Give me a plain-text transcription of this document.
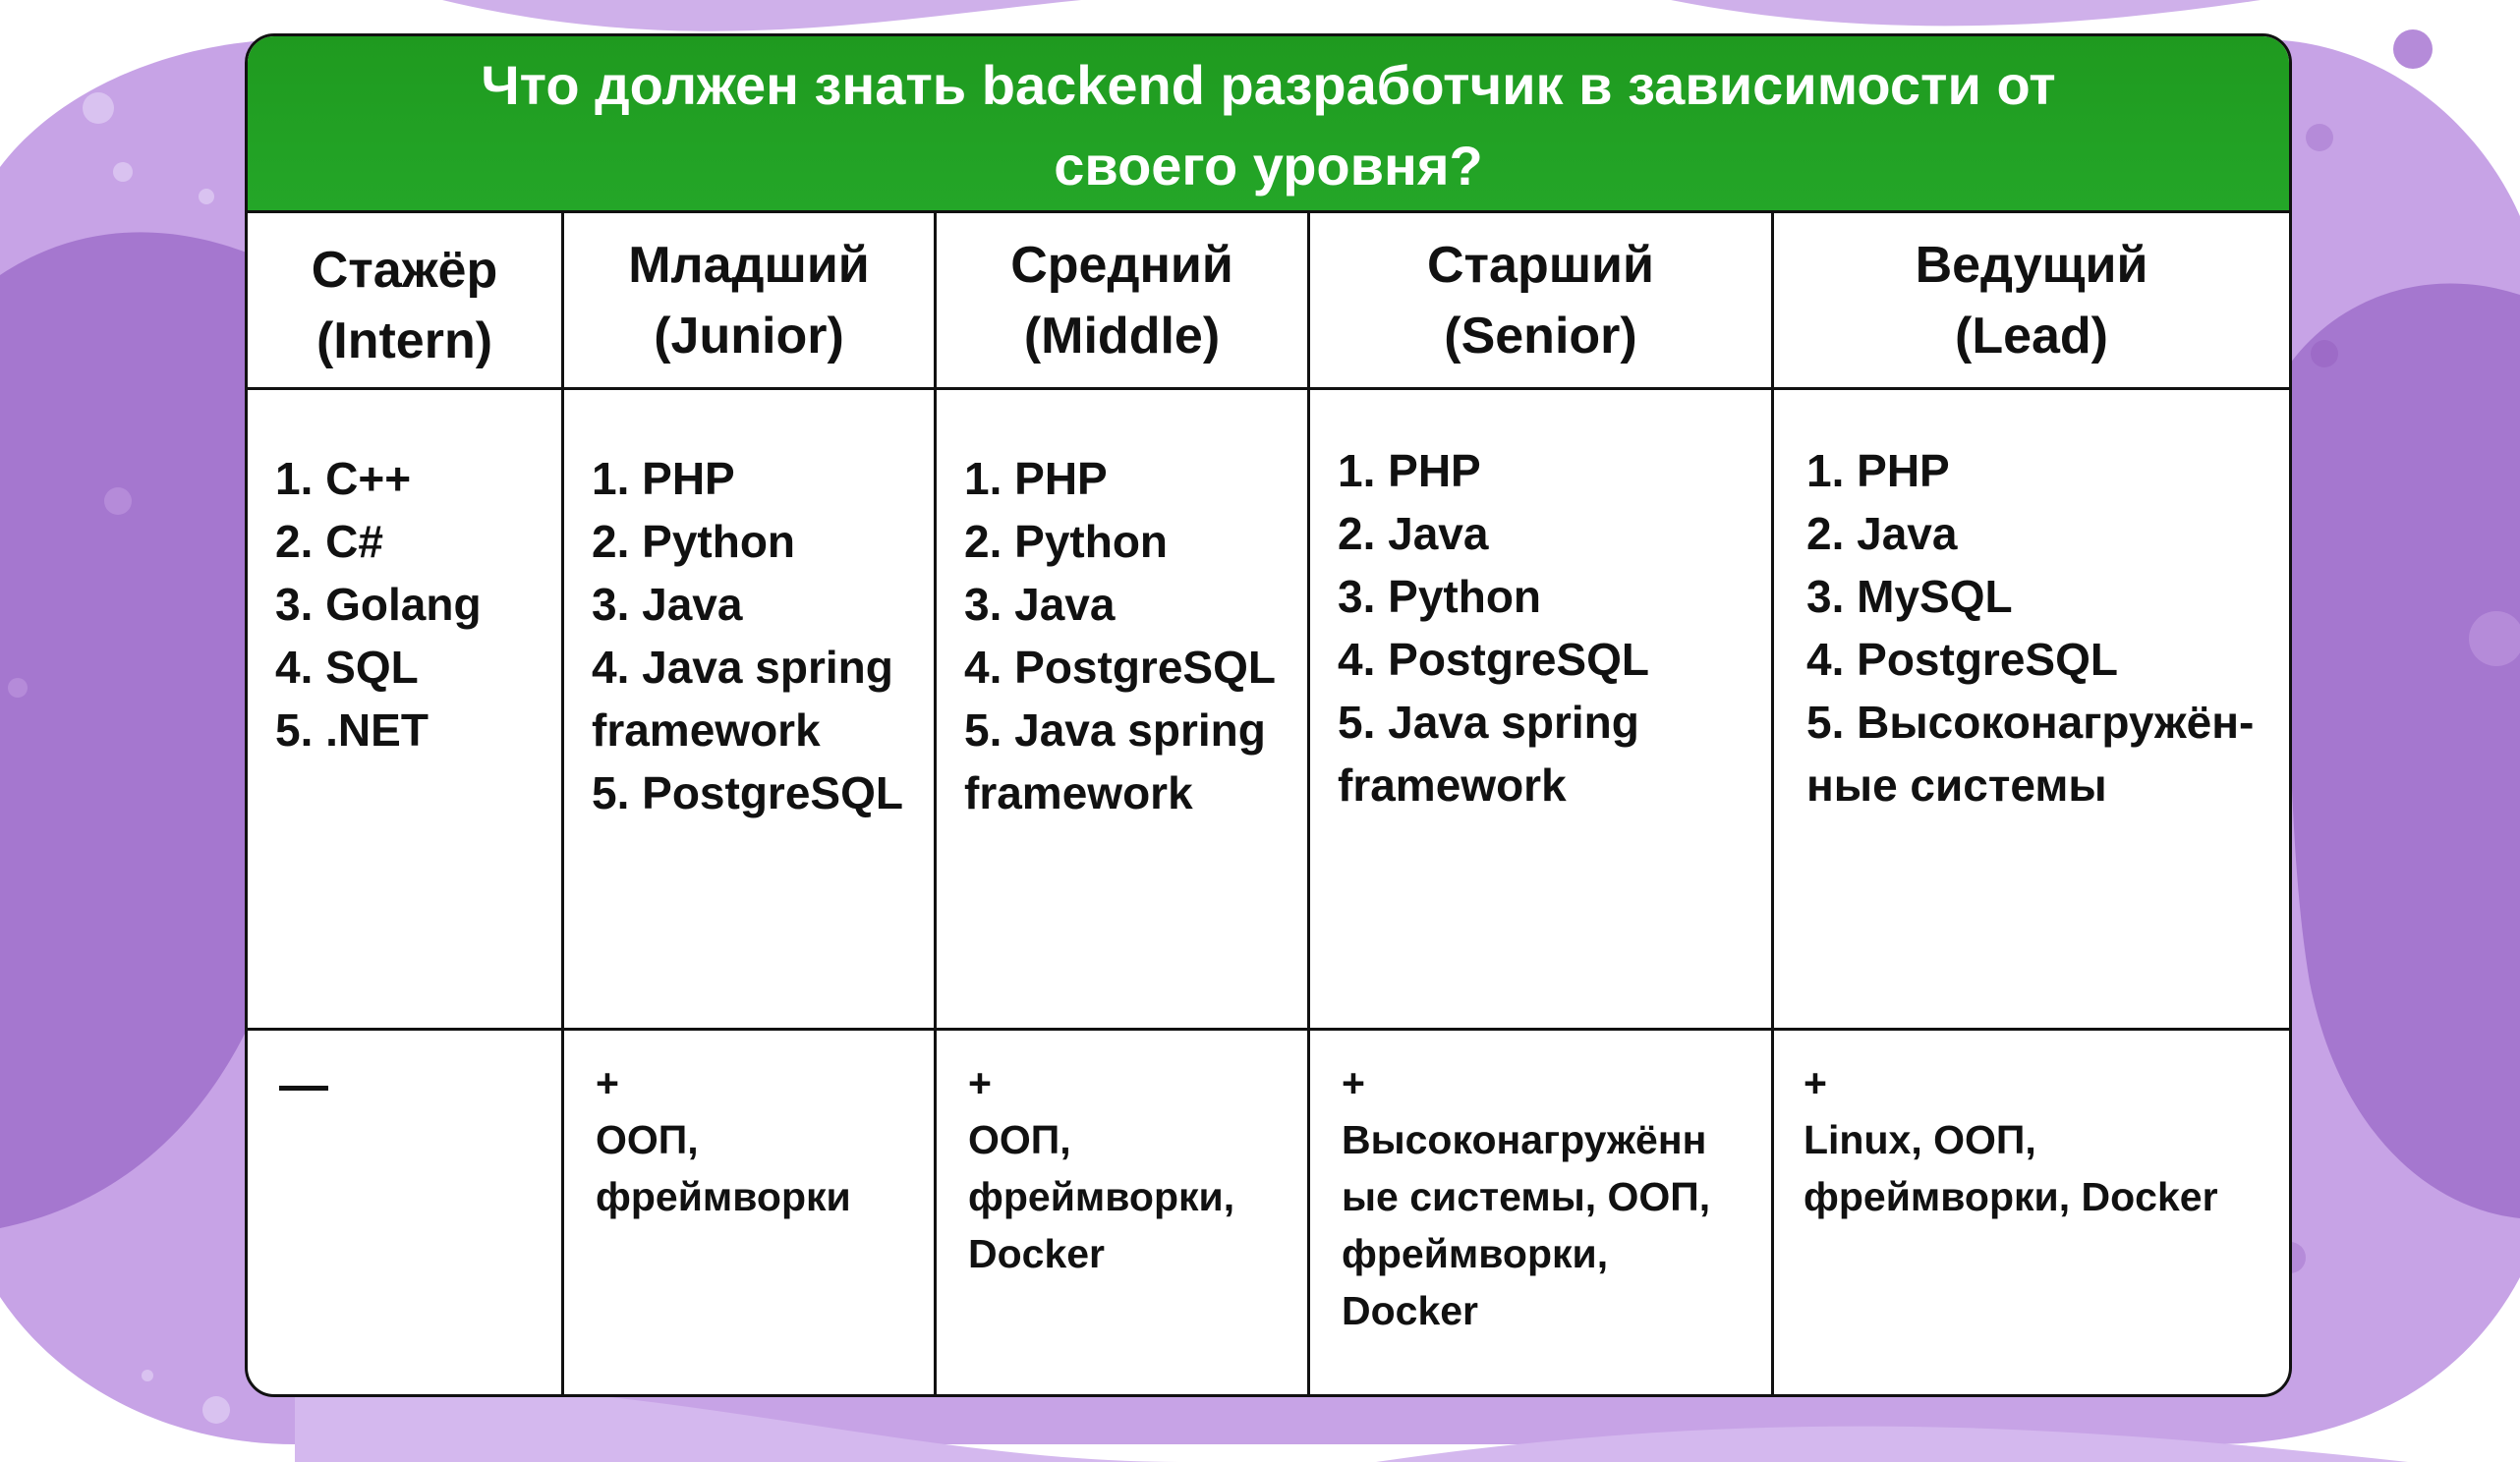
Что должен знать backend разработчик в зависимости от
своего уровня?
Стажёр
(Intern)
1. C++
2. C#
3. Golang
4. SQL
5. .NET
—
Младший
(Junior)
1. PHP
2. Python
3. Java
4. Java spring
framework
5. PostgreSQL
+
ООП,
фреймворки
Средний
(Middle)
1. PHP
2. Python
3. Java
4. PostgreSQL
5. Java spring
framework
+
ООП,
фреймворки,
Docker
Старший
(Senior)
1. PHP
2. Java
3. Python
4. PostgreSQL
5. Java spring
framework
+
Высоконагружённ
ые системы, ООП,
фреймворки,
Docker
Ведущий
(Lead)
1. PHP
2. Java
3. MySQL
4. PostgreSQL
5. Высоконагружён-
ные системы
+
Linux, ООП,
фреймворки, Docker
